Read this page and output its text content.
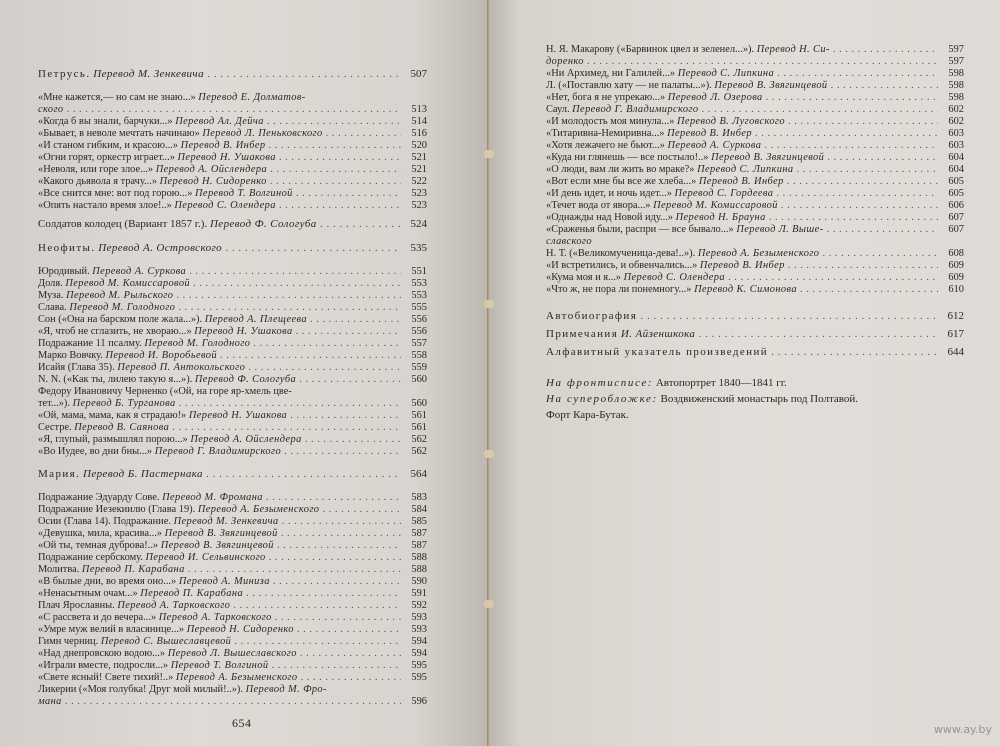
Петрусь. Перевод М. Зенкевича . . .	507
«Мне кажется,— но сам не знаю...» Перевод Е. Долматов-
ского . . .	513
«Когда б вы знали, барчуки...» Перевод Ал. Дейча . . .	514
«Бывает, в неволе мечтать начинаю» Перевод Л. Пеньковского . . .	516
«И станом гибким, и красою...» Перевод В. Инбер . . .	520
«Огни горят, оркестр играет...» Перевод Н. Ушакова . . .	521
«Неволя, или горе злое...» Перевод А. Ойслендера . . .	521
«Какого дьявола я трачу...» Перевод Н. Сидоренко . . .	522
«Все снится мне: вот под горою...» Перевод Т. Волгиной . . .	523
«Опять настало время злое!..» Перевод С. Олендера . . .	523
Солдатов колодец (Вариант 1857 г.). Перевод Ф. Сологуба . . .	524
Неофиты. Перевод А. Островского . . .	535
Юродивый. Перевод А. Суркова . . .	551
Доля. Перевод М. Комиссаровой . . .	553
Муза. Перевод М. Рыльского . . .	553
Слава. Перевод М. Голодного . . .	555
Сон («Она на барском поле жала...»). Перевод А. Плещеева . . .	556
«Я, чтоб не сглазить, не хвораю...» Перевод Н. Ушакова . . .	556
Подражание 11 псалму. Перевод М. Голодного . . .	557
Марко Вовчку. Перевод И. Воробьевой . . .	558
Исайя (Глава 35). Перевод П. Антокольского . . .	559
N. N. («Как ты, лилею такую я...»). Перевод Ф. Сологуба . . .	560
Федору Ивановичу Черненко («Ой, на горе яр-хмель цве-
тет...»). Перевод Б. Турганова . . .	560
«Ой, мама, мама, как я страдаю!» Перевод Н. Ушакова . . .	561
Сестре. Перевод В. Саянова . . .	561
«Я, глупый, размышлял порою...» Перевод А. Ойслендера . . .	562
«Во Иудее, во дни бны...» Перевод Г. Владимирского . . .	562
Мария. Перевод Б. Пастернака . . .	564
Подражание Эдуарду Сове. Перевод М. Фромана . . .	583
Подражание Иезекиилю (Глава 19). Перевод А. Безыменского . . .	584
Осии (Глава 14). Подражание. Перевод М. Зенкевича . . .	585
«Девушка, мила, красива...» Перевод В. Звягинцевой . . .	587
«Ой ты, темная дуброва!..» Перевод В. Звягинцевой . . .	587
Подражание сербскому. Перевод И. Сельвинского . . .	588
Молитва. Перевод П. Карабана . . .	588
«В былые дни, во время оно...» Перевод А. Миниза . . .	590
«Ненасытным очам...» Перевод П. Карабана . . .	591
Плач Ярославны. Перевод А. Тарковского . . .	592
«С рассвета и до вечера...» Перевод А. Тарковского . . .	593
«Умре муж велий в власяницe...» Перевод Н. Сидоренко . . .	593
Гимн черниц. Перевод С. Вышеславцевой . . .	594
«Над днепровскою водою...» Перевод Л. Вышеславского . . .	594
«Играли вместе, подросли...» Перевод Т. Волгиной . . .	595
«Свете ясный! Свете тихий!..» Перевод А. Безыменского . . .	595
Ликерии («Моя голубка! Друг мой милый!..»). Перевод М. Фро-
мана . . .	596
654
Н. Я. Макарову («Барвинок цвел и зеленел...»). Перевод Н. Си- . . .	597
доренко . . .	597
«Ни Архимед, ни Галилей...» Перевод С. Липкина . . .	598
Л. («Поставлю хату — не палаты...»). Перевод В. Звягинцевой . . .	598
«Нет, бога я не упрекаю...» Перевод Л. Озерова . . .	598
Саул. Перевод Г. Владимирского . . .	602
«И молодость моя минула...» Перевод В. Луговского . . .	602
«Титаривна-Немиривна...» Перевод В. Инбер . . .	603
«Хотя лежачего не бьют...» Перевод А. Суркова . . .	603
«Куда ни глянешь — все постыло!..» Перевод В. Звягинцевой . . .	604
«О люди, вам ли жить во мраке?» Перевод С. Липкина . . .	604
«Вот если мне бы все же хлеба...» Перевод В. Инбер . . .	605
«И день идет, и ночь идет...» Перевод С. Гордеева . . .	605
«Течет вода от явора...» Перевод М. Комиссаровой . . .	606
«Однажды над Новой иду...» Перевод Н. Брауна . . .	607
«Сраженья были, распри — все бывало...» Перевод Л. Выше- . . .	607
славского
Н. Т. («Великомученица-дева!..»). Перевод А. Безыменского . . .	608
«И встретились, и обвенчались...» Перевод В. Инбер . . .	609
«Кума моя и я...» Перевод С. Олендера . . .	609
«Что ж, не пора ли понемногу...» Перевод К. Симонова . . .	610
Автобиография . . .	612
Примечания И. Айзеншкока . . .	617
Алфавитный указатель произведений . . .	644
На фронтисписе: Автопортрет 1840—1841 гг.
На суперобложке: Воздвиженский монастырь под Полтавой.
Форт Кара-Бутак.
www.ay.by
